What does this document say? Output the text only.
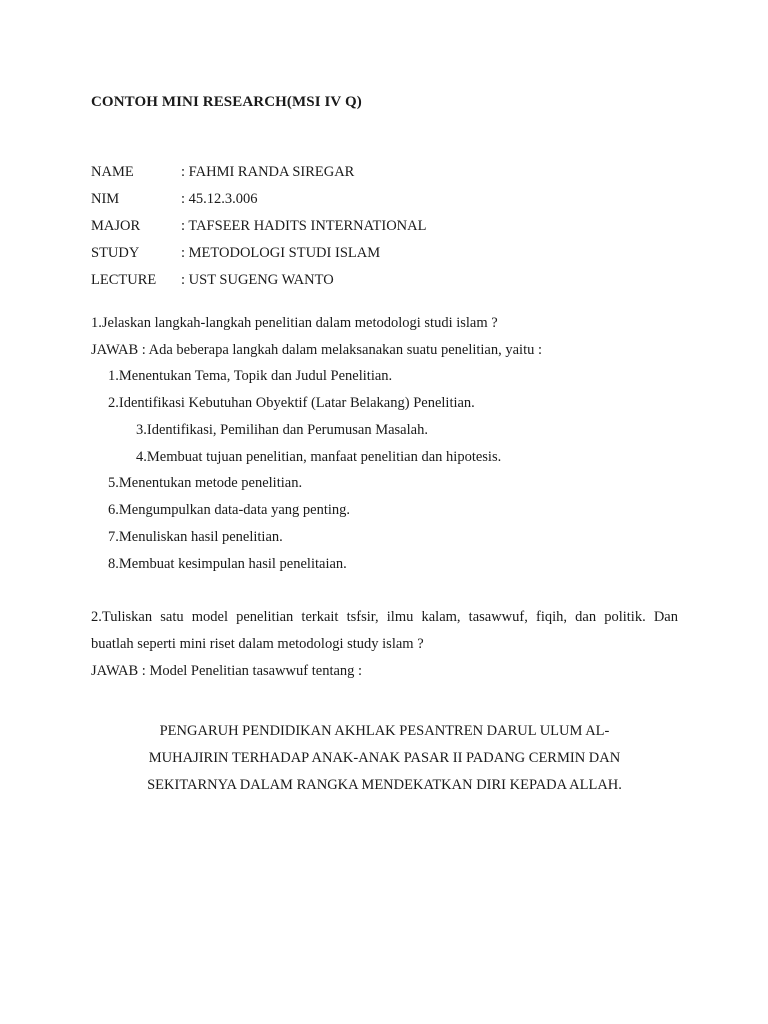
CONTOH MINI RESEARCH(MSI IV Q)
NAME	: FAHMI RANDA SIREGAR
NIM	: 45.12.3.006
MAJOR	: TAFSEER HADITS INTERNATIONAL
STUDY	: METODOLOGI STUDI ISLAM
LECTURE : UST SUGENG WANTO
1.Jelaskan langkah-langkah penelitian dalam metodologi studi islam ?
JAWAB : Ada beberapa langkah dalam melaksanakan suatu penelitian, yaitu :
1.Menentukan Tema, Topik dan Judul Penelitian.
2.Identifikasi Kebutuhan Obyektif (Latar Belakang) Penelitian.
3.Identifikasi, Pemilihan dan Perumusan Masalah.
4.Membuat tujuan penelitian, manfaat penelitian dan hipotesis.
5.Menentukan metode penelitian.
6.Mengumpulkan data-data yang penting.
7.Menuliskan hasil penelitian.
8.Membuat kesimpulan hasil penelitaian.
2.Tuliskan satu model penelitian terkait tsfsir, ilmu kalam, tasawwuf, fiqih, dan politik. Dan
buatlah seperti mini riset dalam metodologi study islam ?
JAWAB : Model Penelitian tasawwuf tentang :
PENGARUH PENDIDIKAN AKHLAK PESANTREN DARUL ULUM AL-
MUHAJIRIN TERHADAP ANAK-ANAK PASAR II PADANG CERMIN DAN
SEKITARNYA DALAM RANGKA MENDEKATKAN DIRI KEPADA ALLAH.
